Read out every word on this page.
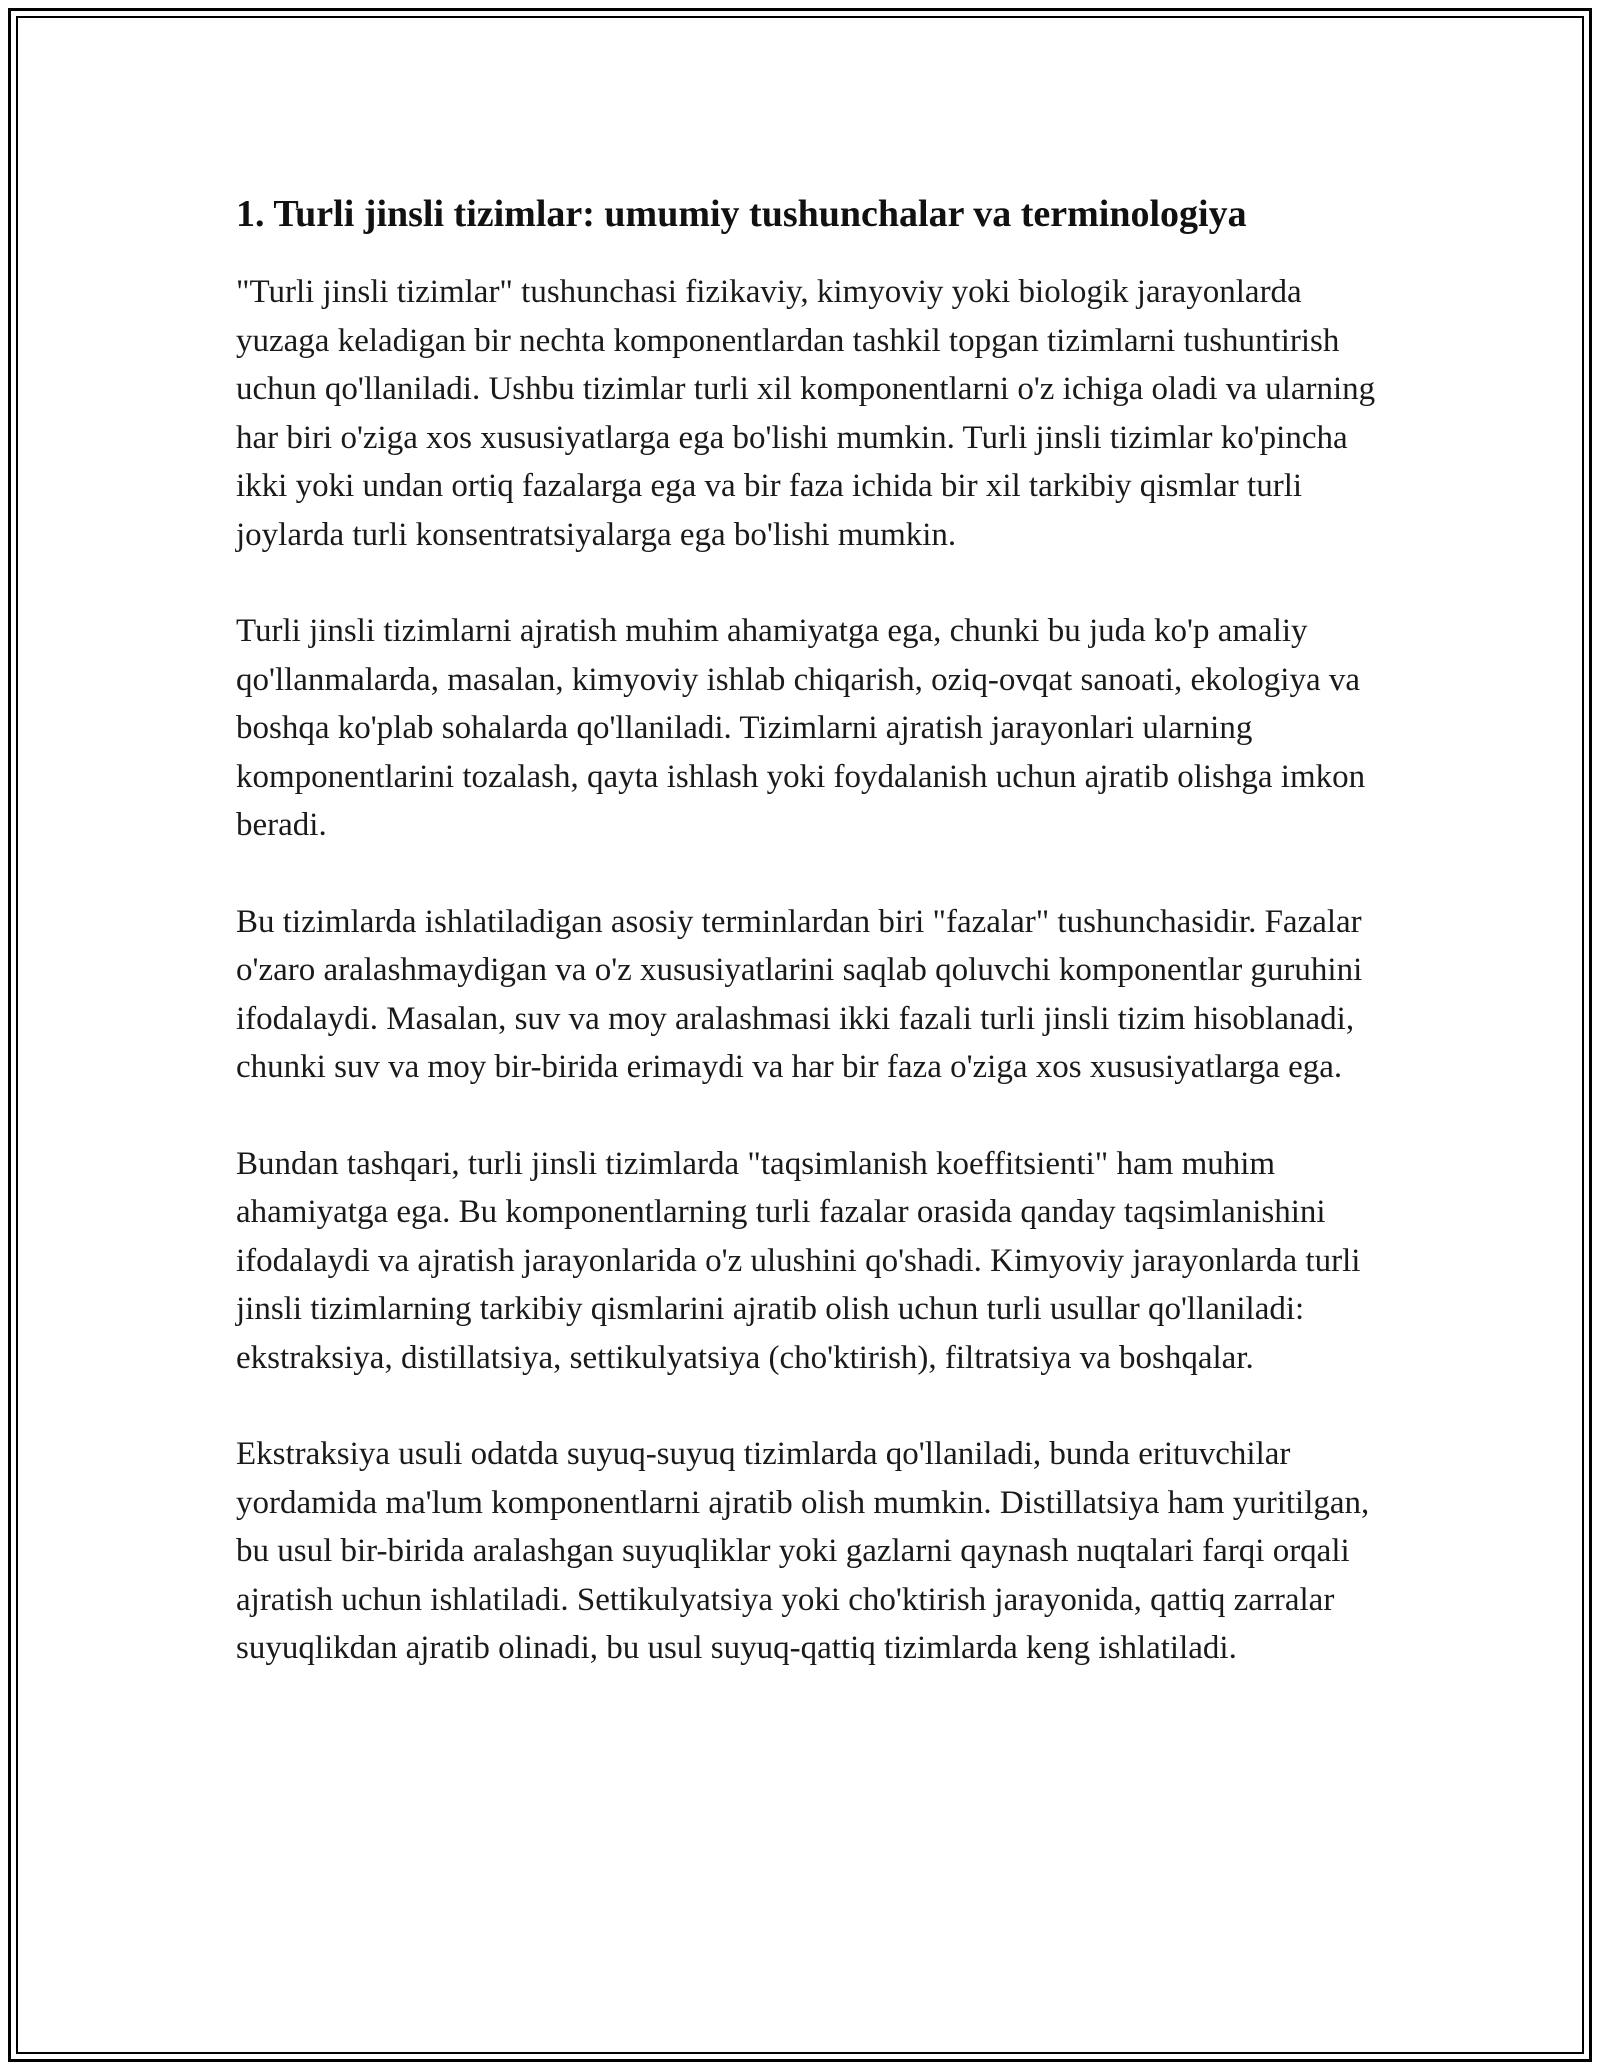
1. Turli jinsli tizimlar: umumiy tushunchalar va terminologiya

"Turli jinsli tizimlar" tushunchasi fizikaviy, kimyoviy yoki biologik jarayonlarda yuzaga keladigan bir nechta komponentlardan tashkil topgan tizimlarni tushuntirish uchun qo'llaniladi. Ushbu tizimlar turli xil komponentlarni o'z ichiga oladi va ularning har biri o'ziga xos xususiyatlarga ega bo'lishi mumkin. Turli jinsli tizimlar ko'pincha ikki yoki undan ortiq fazalarga ega va bir faza ichida bir xil tarkibiy qismlar turli joylarda turli konsentratsiyalarga ega bo'lishi mumkin.

Turli jinsli tizimlarni ajratish muhim ahamiyatga ega, chunki bu juda ko'p amaliy qo'llanmalarda, masalan, kimyoviy ishlab chiqarish, oziq-ovqat sanoati, ekologiya va boshqa ko'plab sohalarda qo'llaniladi. Tizimlarni ajratish jarayonlari ularning komponentlarini tozalash, qayta ishlash yoki foydalanish uchun ajratib olishga imkon beradi.

Bu tizimlarda ishlatiladigan asosiy terminlardan biri "fazalar" tushunchasidir. Fazalar o'zaro aralashmaydigan va o'z xususiyatlarini saqlab qoluvchi komponentlar guruhini ifodalaydi. Masalan, suv va moy aralashmasi ikki fazali turli jinsli tizim hisoblanadi, chunki suv va moy bir-birida erimaydi va har bir faza o'ziga xos xususiyatlarga ega.

Bundan tashqari, turli jinsli tizimlarda "taqsimlanish koeffitsienti" ham muhim ahamiyatga ega. Bu komponentlarning turli fazalar orasida qanday taqsimlanishini ifodalaydi va ajratish jarayonlarida o'z ulushini qo'shadi. Kimyoviy jarayonlarda turli jinsli tizimlarning tarkibiy qismlarini ajratib olish uchun turli usullar qo'llaniladi: ekstraksiya, distillatsiya, settikulyatsiya (cho'ktirish), filtratsiya va boshqalar.

Ekstraksiya usuli odatda suyuq-suyuq tizimlarda qo'llaniladi, bunda erituvchilar yordamida ma'lum komponentlarni ajratib olish mumkin. Distillatsiya ham yuritilgan, bu usul bir-birida aralashgan suyuqliklar yoki gazlarni qaynash nuqtalari farqi orqali ajratish uchun ishlatiladi. Settikulyatsiya yoki cho'ktirish jarayonida, qattiq zarralar suyuqlikdan ajratib olinadi, bu usul suyuq-qattiq tizimlarda keng ishlatiladi.
